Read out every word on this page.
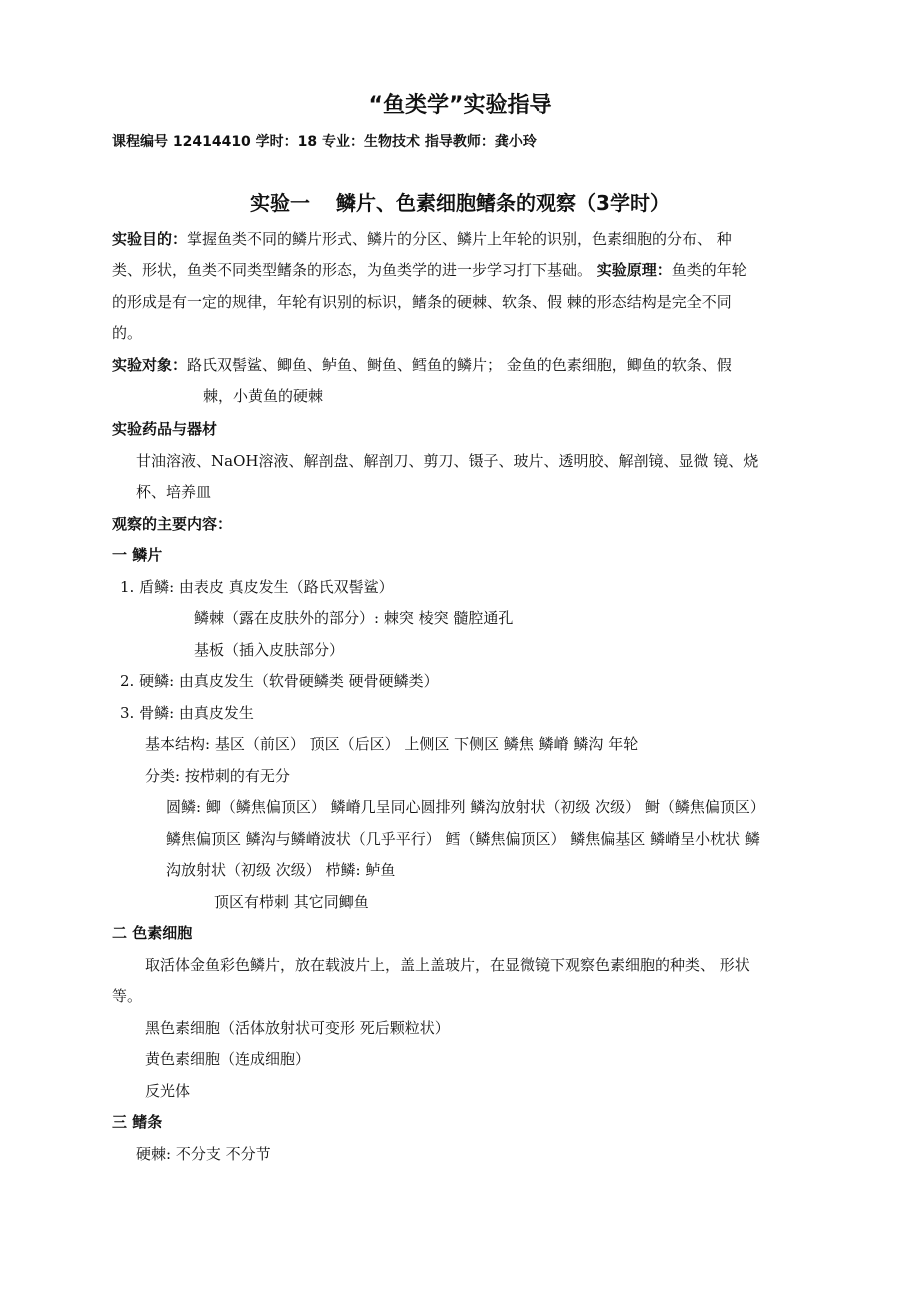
“鱼类学”实验指导
课程编号 12414410 学时：18 专业：生物技术 指导教师：龚小玲
实验一 鳞片、色素细胞鳍条的观察（3学时）
实验目的：掌握鱼类不同的鳞片形式、鳞片的分区、鳞片上年轮的识别，色素细胞的分布、 种
类、形状，鱼类不同类型鳍条的形态，为鱼类学的进一步学习打下基础。 实验原理：鱼类的年轮
的形成是有一定的规律，年轮有识别的标识，鳍条的硬棘、软条、假 棘的形态结构是完全不同
的。
实验对象：路氏双髻鲨、鲫鱼、鲈鱼、鲥鱼、鳕鱼的鳞片； 金鱼的色素细胞，鲫鱼的软条、假
棘，小黄鱼的硬棘
实验药品与器材
甘油溶液、NaOH溶液、解剖盘、解剖刀、剪刀、镊子、玻片、透明胶、解剖镜、显微 镜、烧
杯、培养皿
观察的主要内容：
一 鳞片
1. 盾鳞: 由表皮 真皮发生（路氏双髻鲨）
鳞棘（露在皮肤外的部分）: 棘突 棱突 髓腔通孔
基板（插入皮肤部分）
2. 硬鳞: 由真皮发生（软骨硬鳞类 硬骨硬鳞类）
3. 骨鳞: 由真皮发生
基本结构: 基区（前区） 顶区（后区） 上侧区 下侧区 鳞焦 鳞嵴 鳞沟 年轮
分类: 按栉刺的有无分
圆鳞: 鲫（鳞焦偏顶区） 鳞嵴几呈同心圆排列 鳞沟放射状（初级 次级） 鲥（鳞焦偏顶区）
鳞焦偏顶区 鳞沟与鳞嵴波状（几乎平行） 鳕（鳞焦偏顶区） 鳞焦偏基区 鳞嵴呈小枕状 鳞
沟放射状（初级 次级） 栉鳞: 鲈鱼
顶区有栉刺 其它同鲫鱼
二 色素细胞
取活体金鱼彩色鳞片，放在载波片上，盖上盖玻片，在显微镜下观察色素细胞的种类、 形状
等。
黑色素细胞（活体放射状可变形 死后颗粒状）
黄色素细胞（连成细胞）
反光体
三 鳍条
硬棘: 不分支 不分节
